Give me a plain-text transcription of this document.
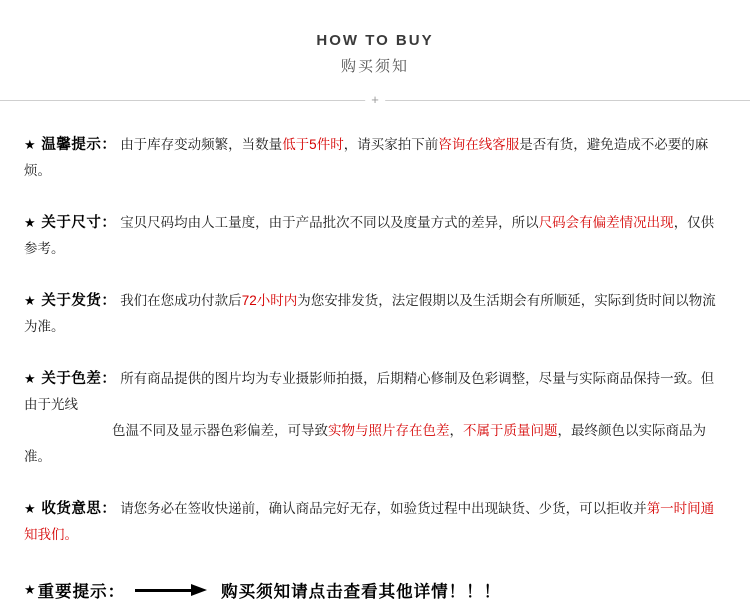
HOW TO BUY
购买须知
+
★ 温馨提示： 由于库存变动频繁，当数量低于5件时，请买家拍下前咨询在线客服是否有货，避免造成不必要的麻烦。
★ 关于尺寸： 宝贝尺码均由人工量度，由于产品批次不同以及度量方式的差异，所以尺码会有偏差情况出现，仅供参考。
★ 关于发货： 我们在您成功付款后72小时内为您安排发货，法定假期以及生活期会有所顺延，实际到货时间以物流为准。
★ 关于色差： 所有商品提供的图片均为专业摄影师拍摄，后期精心修制及色彩调整，尽量与实际商品保持一致。但由于光线
色温不同及显示器色彩偏差，可导致实物与照片存在色差，不属于质量问题，最终颜色以实际商品为准。
★ 收货意思： 请您务必在签收快递前，确认商品完好无存，如验货过程中出现缺货、少货，可以拒收并第一时间通知我们。
★ 重要提示：	购买须知请点击查看其他详情！！！
